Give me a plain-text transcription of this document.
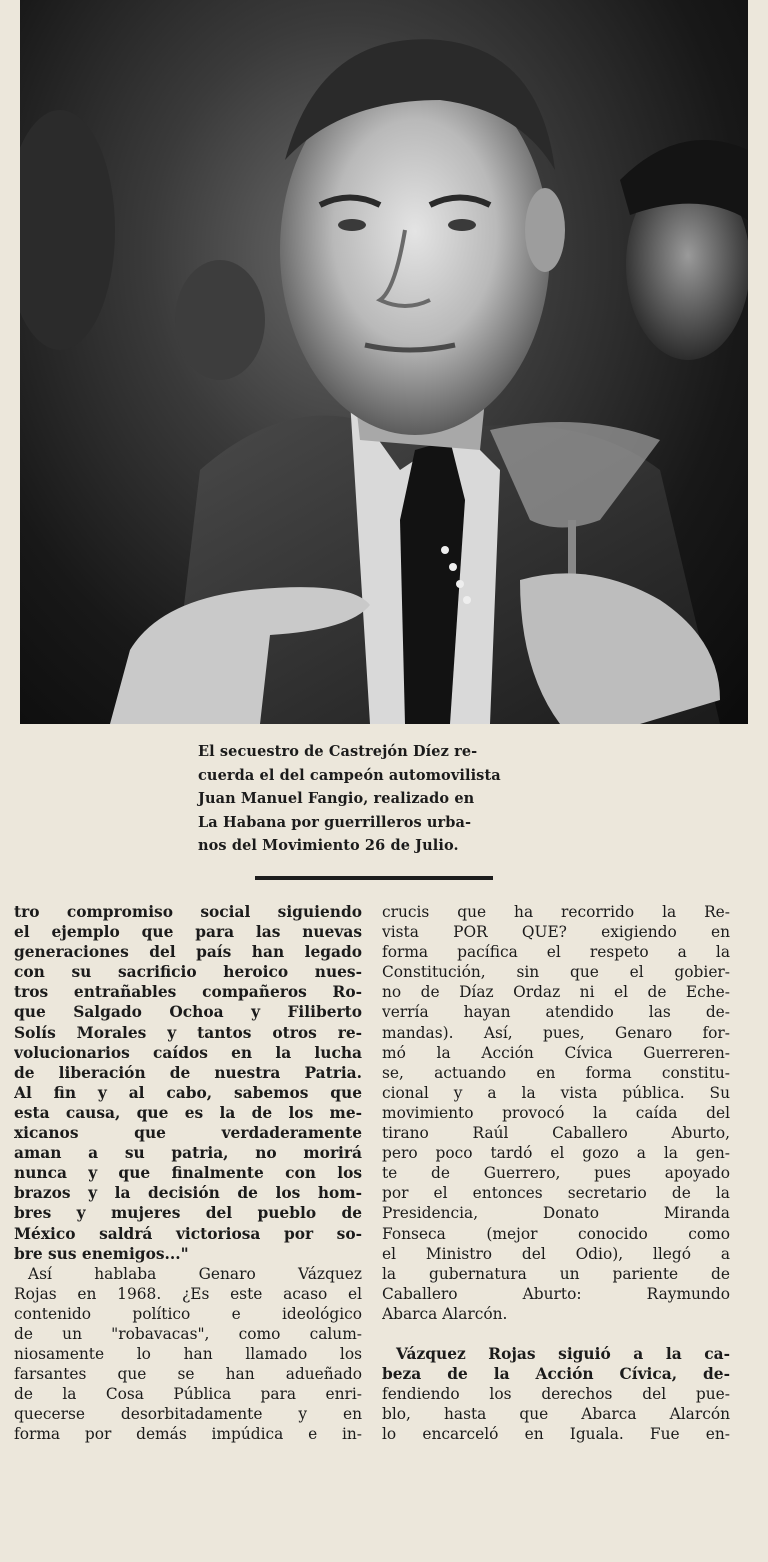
El secuestro de Castrejón Díez re-
cuerda el del campeón automovilista
Juan Manuel Fangio, realizado en
La Habana por guerrilleros urba-
nos del Movimiento 26 de Julio.
tro compromiso social siguiendo
el ejemplo que para las nuevas
generaciones del país han legado
con su sacrificio heroico nues-
tros entrañables compañeros Ro-
que Salgado Ochoa y Filiberto
Solís Morales y tantos otros re-
volucionarios caídos en la lucha
de liberación de nuestra Patria.
Al fin y al cabo, sabemos que
esta causa, que es la de los me-
xicanos que verdaderamente
aman a su patria, no morirá
nunca y que finalmente con los
brazos y la decisión de los hom-
bres y mujeres del pueblo de
México saldrá victoriosa por so-
bre sus enemigos..."
Así hablaba Genaro Vázquez
Rojas en 1968. ¿Es este acaso el
contenido político e ideológico
de un "robavacas", como calum-
niosamente lo han llamado los
farsantes que se han adueñado
de la Cosa Pública para enri-
quecerse desorbitadamente y en
forma por demás impúdica e in-
crucis que ha recorrido la Re-
vista POR QUE? exigiendo en
forma pacífica el respeto a la
Constitución, sin que el gobier-
no de Díaz Ordaz ni el de Eche-
verría hayan atendido las de-
mandas). Así, pues, Genaro for-
mó la Acción Cívica Guerreren-
se, actuando en forma constitu-
cional y a la vista pública. Su
movimiento provocó la caída del
tirano Raúl Caballero Aburto,
pero poco tardó el gozo a la gen-
te de Guerrero, pues apoyado
por el entonces secretario de la
Presidencia, Donato Miranda
Fonseca (mejor conocido como
el Ministro del Odio), llegó a
la gubernatura un pariente de
Caballero Aburto: Raymundo
Abarca Alarcón.
Vázquez Rojas siguió a la ca-
beza de la Acción Cívica, de-
fendiendo los derechos del pue-
blo, hasta que Abarca Alarcón
lo encarceló en Iguala. Fue en-
